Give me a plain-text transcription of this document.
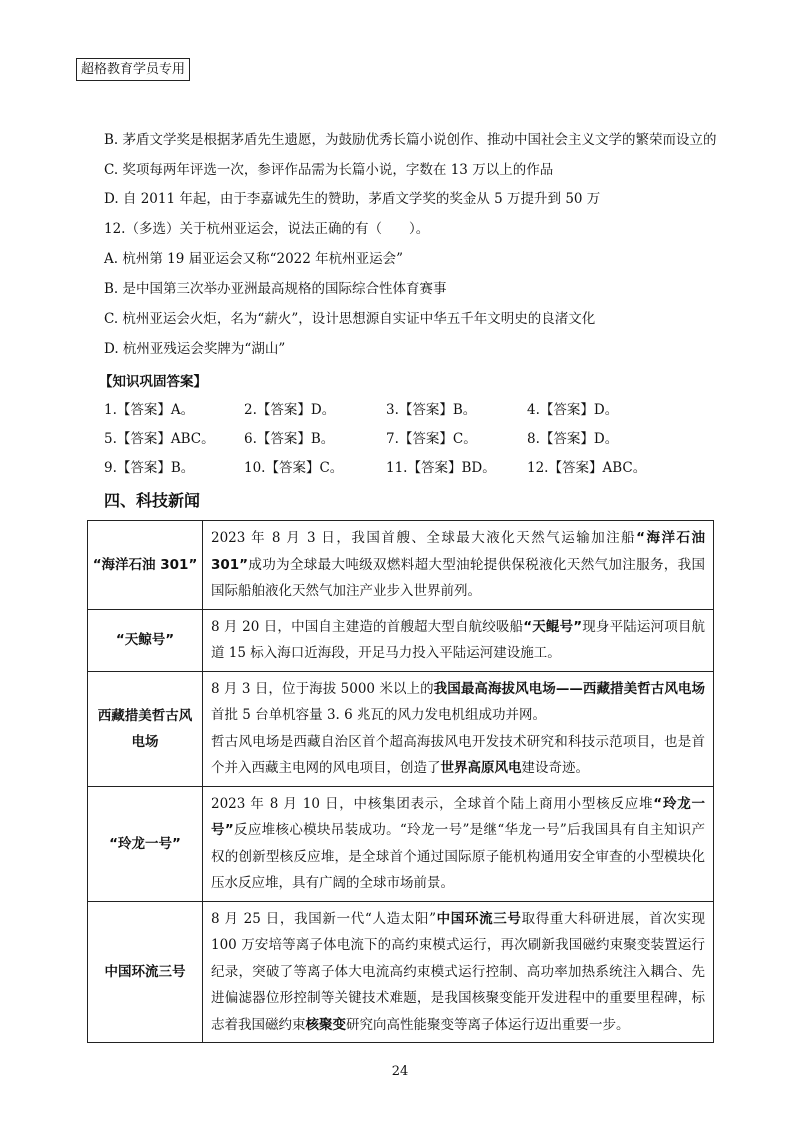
超格教育学员专用
B. 茅盾文学奖是根据茅盾先生遗愿，为鼓励优秀长篇小说创作、推动中国社会主义文学的繁荣而设立的
C. 奖项每两年评选一次，参评作品需为长篇小说，字数在 13 万以上的作品
D. 自 2011 年起，由于李嘉诚先生的赞助，茅盾文学奖的奖金从 5 万提升到 50 万
12.（多选）关于杭州亚运会，说法正确的有（　　）。
A. 杭州第 19 届亚运会又称“2022 年杭州亚运会”
B. 是中国第三次举办亚洲最高规格的国际综合性体育赛事
C. 杭州亚运会火炬，名为“薪火”，设计思想源自实证中华五千年文明史的良渚文化
D. 杭州亚残运会奖牌为“湖山”
【知识巩固答案】
1.【答案】A。	2.【答案】D。	3.【答案】B。	4.【答案】D。
5.【答案】ABC。 6.【答案】B。	7.【答案】C。	8.【答案】D。
9.【答案】B。	10.【答案】C。	11.【答案】BD。 12.【答案】ABC。
四、科技新闻
“海洋石油 301”	2023 年 8 月 3 日，我国首艘、全球最大液化天然气运输加注船“海洋石油 301”成功为全球最大吨级双燃料超大型油轮提供保税液化天然气加注服务，我国国际船舶液化天然气加注产业步入世界前列。
“天鲸号”	8 月 20 日，中国自主建造的首艘超大型自航绞吸船“天鲲号”现身平陆运河项目航道 15 标入海口近海段，开足马力投入平陆运河建设施工。
西藏措美哲古风
电场	8 月 3 日，位于海拔 5000 米以上的我国最高海拔风电场——西藏措美哲古风电场首批 5 台单机容量 3. 6 兆瓦的风力发电机组成功并网。
哲古风电场是西藏自治区首个超高海拔风电开发技术研究和科技示范项目，也是首个并入西藏主电网的风电项目，创造了世界高原风电建设奇迹。
“玲龙一号”	2023 年 8 月 10 日，中核集团表示，全球首个陆上商用小型核反应堆“玲龙一号”反应堆核心模块吊装成功。“玲龙一号”是继“华龙一号”后我国具有自主知识产权的创新型核反应堆，是全球首个通过国际原子能机构通用安全审查的小型模块化压水反应堆，具有广阔的全球市场前景。
中国环流三号	8 月 25 日，我国新一代“人造太阳”中国环流三号取得重大科研进展，首次实现 100 万安培等离子体电流下的高约束模式运行，再次刷新我国磁约束聚变装置运行纪录，突破了等离子体大电流高约束模式运行控制、高功率加热系统注入耦合、先进偏滤器位形控制等关键技术难题，是我国核聚变能开发进程中的重要里程碑，标志着我国磁约束核聚变研究向高性能聚变等离子体运行迈出重要一步。
24
